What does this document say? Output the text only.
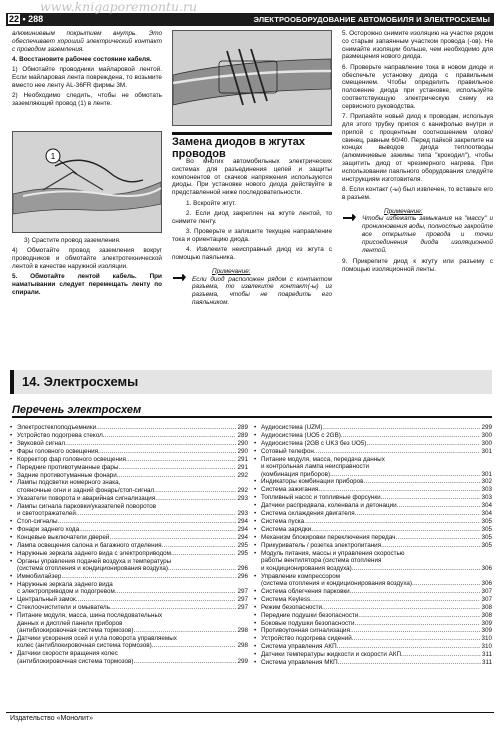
22 • 288	ЭЛЕКТРООБОРУДОВАНИЕ АВТОМОБИЛЯ И ЭЛЕКТРОСХЕМЫ
www.knigaporemontu.ru

алюминиевым покрытием внутрь. Это обеспечивает хороший электрический контакт с проводом заземления.

4. Восстановите рабочее состояние кабеля.

1) Обмотайте проводники майларовой лентой. Если майларовая лента повреждена, то возьмите вместо нее ленту AL-36FR фирмы 3M.

2) Необходимо следить, чтобы не обмотать заземляющий провод (1) в ленте.

1

3) Срастите провод заземления.

4) Обмотайте провод заземления вокруг проводников и обмотайте электротехнической лентой в качестве наружной изоляции.

5. Обмотайте лентой кабель. При наматывании следует перемещать ленту по спирали.

Замена диодов в жгутах проводов

Во многих автомобильных электрических системах для разъединения цепей и защиты компонентов от скачков напряжения используются диоды. При установке нового диода действуйте в представленной ниже последовательности.

1. Вскройте жгут.

2. Если диод закреплен на жгуте лентой, то снимите ленту.

3. Проверьте и запишите текущее направление тока и ориентацию диода.

4. Извлеките неисправный диод из жгута с помощью паяльника.

Примечание:

Если диод расположен рядом с контактом разъема, то извлеките контакт(-ы) из разъема, чтобы не повредить его паяльником.

5. Осторожно снимите изоляцию на участке рядом со старым запаянным участком провода (-ов). Не снимайте изоляции больше, чем необходимо для размещения нового диода.

6. Проверьте направление тока в новом диоде и обеспечьте установку диода с правильным смещением. Чтобы определить правильное положение диода при установке, используйте соответствующую электрическую схему из сервисного руководства.

7. Припаяйте новый диод к проводам, используя для этого трубку припоя с канифолью внутри и припой с процентным соотношением олово/свинец, равным 60/40. Перед пайкой закрепите на концах выводов диода теплоотводы (алюминиевые зажимы типа "крокодил"), чтобы защитить диод от чрезмерного нагрева. При использовании паяльного оборудования следуйте инструкциям изготовителя.

8. Если контакт (-ы) был извлечен, то вставьте его в разъем.

Примечание:

Чтобы избежать замыкания на "массу" и проникновения воды, полностью закройте все открытые провода и точки присоединения диода изоляционной лентой.

9. Прикрепите диод к жгуту или разъему с помощью изоляционной ленты.

14. Электросхемы
Перечень электросхем
• Электростеклоподъемники .....	289
• Устройство подогрева стекол .....	289
• Звуковой сигнал .....	290
• Фары головного освещения .....	290
• Корректор фар головного освещения .....	291
• Передние противотуманные фары .....	291
• Задние противотуманные фонари .....	292
• Лампы подсветки номерного знака,
стояночные огни и задний фонарь/стоп-сигнал .....	292
• Указатели поворота и аварийная сигнализация .....	293
• Лампы сигнала парковки/указателей поворотов
и светоотражателей .....	293
• Стоп-сигналы .....	294
• Фонари заднего хода .....	294
• Концевые выключатели дверей .....	294
• Лампа освещения салона и багажного отделения .....	295
• Наружные зеркала заднего вида с электроприводом .....	295
• Органы управления подачей воздуха и температуры
(система отопления и кондиционирования воздуха) .....	296
• Иммобилайзер .....	296
• Наружные зеркала заднего вида
с электроприводом и подогревом .....	297
• Центральный замок .....	297
• Стеклоочистители и омыватель .....	297
• Питание модуля, масса, шина последовательных
данных и дисплей панели приборов
(антиблокировочная система тормозов) .....	298
• Датчики ускорения осей и угла поворота управляемых
колес (антиблокировочная система тормозов) .....	298
• Датчики скорости вращения колес
(антиблокировочная система тормозов) .....	299
• Аудиосистема (UZM) .....	299
• Аудиосистема (UO5 с 2GB) .....	300
• Аудиосистема (2GB с UK3 без UO5) .....	300
• Сотовый телефон .....	301
• Питание модуля, масса, передача данных
и контрольная лампа неисправности
(комбинация приборов) .....	301
• Индикаторы комбинации приборов .....	302
• Система зажигания .....	303
• Топливный насос и топливные форсунки .....	303
• Датчики распредвала, коленвала и детонации .....	304
• Система охлаждения двигателя .....	304
• Система пуска .....	305
• Система зарядки .....	305
• Механизм блокировки переключения передач .....	305
• Прикуриватель / розетка электропитания .....	305
• Модуль питания, массы и управления скоростью
работы вентилятора (система отопления
и кондиционирования воздуха) .....	306
• Управление компрессором
(система отопления и кондиционирования воздуха) .....	306
• Система облегчения парковки .....	307
• Система Keyless .....	307
• Режим безопасности .....	308
• Передние подушки безопасности .....	308
• Боковые подушки безопасности .....	309
• Противоугонная сигнализация .....	309
• Устройство подогрева сидений .....	310
• Система управления АКП .....	310
• Датчики температуры жидкости и скорости АКП .....	311
• Система управления МКП .....	311
Издательство «Монолит»
